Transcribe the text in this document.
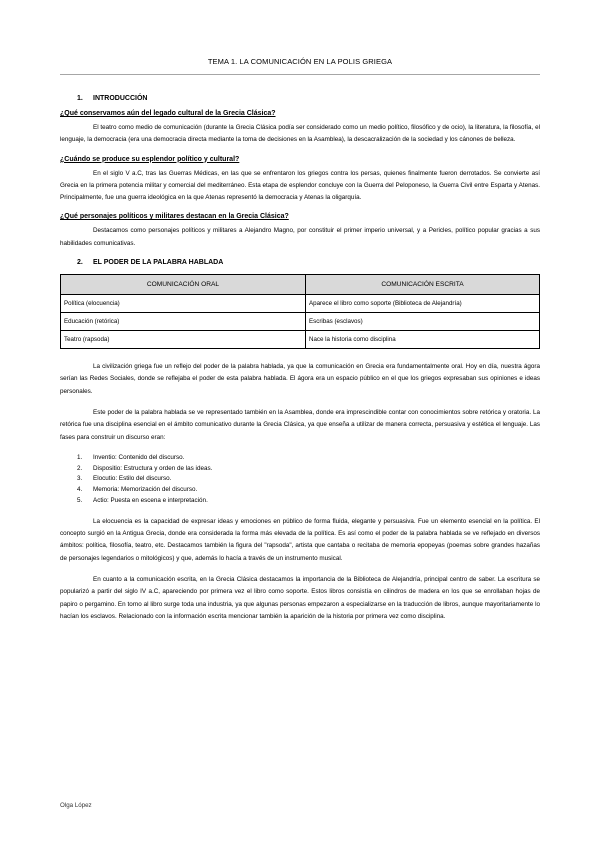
TEMA 1. LA COMUNICACIÓN EN LA POLIS GRIEGA
1. INTRODUCCIÓN
¿Qué conservamos aún del legado cultural de la Grecia Clásica?

El teatro como medio de comunicación (durante la Grecia Clásica podía ser considerado como un medio político, filosófico y de ocio), la literatura, la filosofía, el lenguaje, la democracia (era una democracia directa mediante la toma de decisiones en la Asamblea), la descacralización de la sociedad y los cánones de belleza.

¿Cuándo se produce su esplendor político y cultural?

En el siglo V a.C, tras las Guerras Médicas, en las que se enfrentaron los griegos contra los persas, quienes finalmente fueron derrotados. Se convierte así Grecia en la primera potencia militar y comercial del mediterráneo. Esta etapa de esplendor concluye con la Guerra del Peloponeso, la Guerra Civil entre Esparta y Atenas. Principalmente, fue una guerra ideológica en la que Atenas representó la democracia y Atenas la oligarquía.

¿Qué personajes políticos y militares destacan en la Grecia Clásica?

Destacamos como personajes políticos y militares a Alejandro Magno, por constituir el primer imperio universal, y a Pericles, político popular gracias a sus habilidades comunicativas.

2. EL PODER DE LA PALABRA HABLADA
COMUNICACIÓN ORAL	COMUNICACIÓN ESCRITA
Política (elocuencia)	Aparece el libro como soporte (Biblioteca de Alejandría)
Educación (retórica)	Escribas (esclavos)
Teatro (rapsoda)	Nace la historia como disciplina

La civilización griega fue un reflejo del poder de la palabra hablada, ya que la comunicación en Grecia era fundamentalmente oral. Hoy en día, nuestra ágora serían las Redes Sociales, donde se reflejaba el poder de esta palabra hablada. El ágora era un espacio público en el que los griegos expresaban sus opiniones e ideas personales.

Este poder de la palabra hablada se ve representado también en la Asamblea, donde era imprescindible contar con conocimientos sobre retórica y oratoria. La retórica fue una disciplina esencial en el ámbito comunicativo durante la Grecia Clásica, ya que enseña a utilizar de manera correcta, persuasiva y estética el lenguaje. Las fases para construir un discurso eran:

1. Inventio: Contenido del discurso.
2. Dispositio: Estructura y orden de las ideas.
3. Elocutio: Estilo del discurso.
4. Memoria: Memorización del discurso.
5. Actio: Puesta en escena e interpretación.

La elocuencia es la capacidad de expresar ideas y emociones en público de forma fluida, elegante y persuasiva. Fue un elemento esencial en la política. El concepto surgió en la Antigua Grecia, donde era considerada la forma más elevada de la política. Es así como el poder de la palabra hablada se ve reflejado en diversos ámbitos: política, filosofía, teatro, etc. Destacamos también la figura del "rapsoda", artista que cantaba o recitaba de memoria epopeyas (poemas sobre grandes hazañas de personajes legendarios o mitológicos) y que, además lo hacía a través de un instrumento musical.

En cuanto a la comunicación escrita, en la Grecia Clásica destacamos la importancia de la Biblioteca de Alejandría, principal centro de saber. La escritura se popularizó a partir del siglo IV a.C, apareciendo por primera vez el libro como soporte. Estos libros consistía en cilindros de madera en los que se enrollaban hojas de papiro o pergamino. En torno al libro surge toda una industria, ya que algunas personas empezaron a especializarse en la traducción de libros, aunque mayoritariamente lo hacían los esclavos. Relacionado con la información escrita mencionar también la aparición de la historia por primera vez como disciplina.

Olga López
